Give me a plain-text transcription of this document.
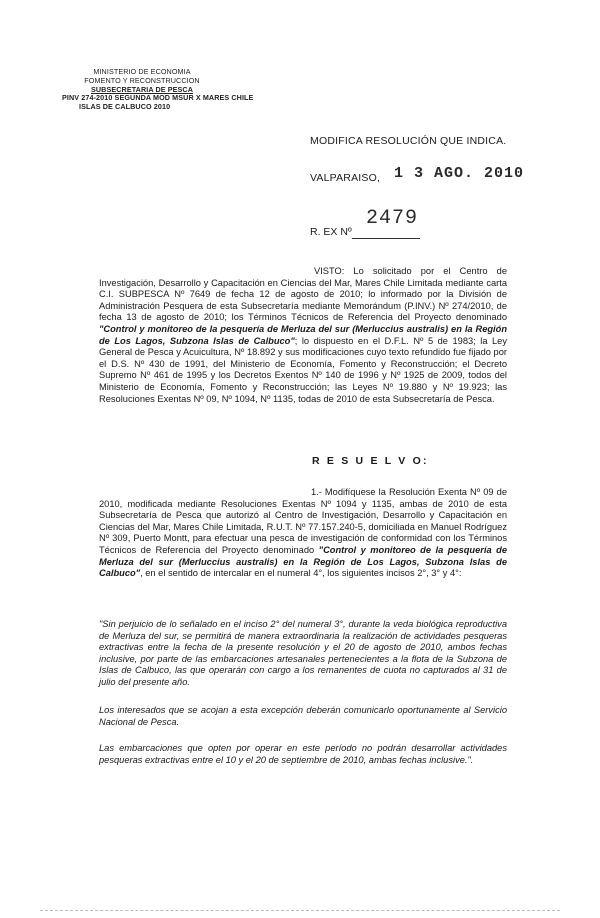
MINISTERIO DE ECONOMIA
FOMENTO Y RECONSTRUCCION
SUBSECRETARIA DE PESCA
PINV 274-2010 SEGUNDA MOD MSUR X MARES CHILE
ISLAS DE CALBUCO 2010
MODIFICA RESOLUCIÓN QUE INDICA.
VALPARAISO, 1 3 AGO. 2010
2479
R. EX Nº
VISTO: Lo solicitado por el Centro de Investigación, Desarrollo y Capacitación en Ciencias del Mar, Mares Chile Limitada mediante carta C.I. SUBPESCA Nº 7649 de fecha 12 de agosto de 2010; lo informado por la División de Administración Pesquera de esta Subsecretaría mediante Memorándum (P.INV.) Nº 274/2010, de fecha 13 de agosto de 2010; los Términos Técnicos de Referencia del Proyecto denominado "Control y monitoreo de la pesquería de Merluza del sur (Merluccius australis) en la Región de Los Lagos, Subzona Islas de Calbuco"; lo dispuesto en el D.F.L. Nº 5 de 1983; la Ley General de Pesca y Acuicultura, Nº 18.892 y sus modificaciones cuyo texto refundido fue fijado por el D.S. Nº 430 de 1991, del Ministerio de Economía, Fomento y Reconstrucción; el Decreto Supremo Nº 461 de 1995 y los Decretos Exentos Nº 140 de 1996 y Nº 1925 de 2009, todos del Ministerio de Economía, Fomento y Reconstrucción; las Leyes Nº 19.880 y Nº 19.923; las Resoluciones Exentas Nº 09, Nº 1094, Nº 1135, todas de 2010 de esta Subsecretaría de Pesca.
R E S U E L V O:
1.- Modifíquese la Resolución Exenta Nº 09 de 2010, modificada mediante Resoluciones Exentas Nº 1094 y 1135, ambas de 2010 de esta Subsecretaría de Pesca que autorizó al Centro de Investigación, Desarrollo y Capacitación en Ciencias del Mar, Mares Chile Limitada, R.U.T. Nº 77.157.240-5, domiciliada en Manuel Rodríguez Nº 309, Puerto Montt, para efectuar una pesca de investigación de conformidad con los Términos Técnicos de Referencia del Proyecto denominado "Control y monitoreo de la pesquería de Merluza del sur (Merluccius australis) en la Región de Los Lagos, Subzona Islas de Calbuco", en el sentido de intercalar en el numeral 4°, los siguientes incisos 2°, 3° y 4°:
"Sin perjuicio de lo señalado en el inciso 2° del numeral 3°, durante la veda biológica reproductiva de Merluza del sur, se permitirá de manera extraordinaria la realización de actividades pesqueras extractivas entre la fecha de la presente resolución y el 20 de agosto de 2010, ambos fechas inclusive, por parte de las embarcaciones artesanales pertenecientes a la flota de la Subzona de Islas de Calbuco, las que operarán con cargo a los remanentes de cuota no capturados al 31 de julio del presente año.
Los interesados que se acojan a esta excepción deberán comunicarlo oportunamente al Servicio Nacional de Pesca.
Las embarcaciones que opten por operar en este período no podrán desarrollar actividades pesqueras extractivas entre el 10 y el 20 de septiembre de 2010, ambas fechas inclusive.".
